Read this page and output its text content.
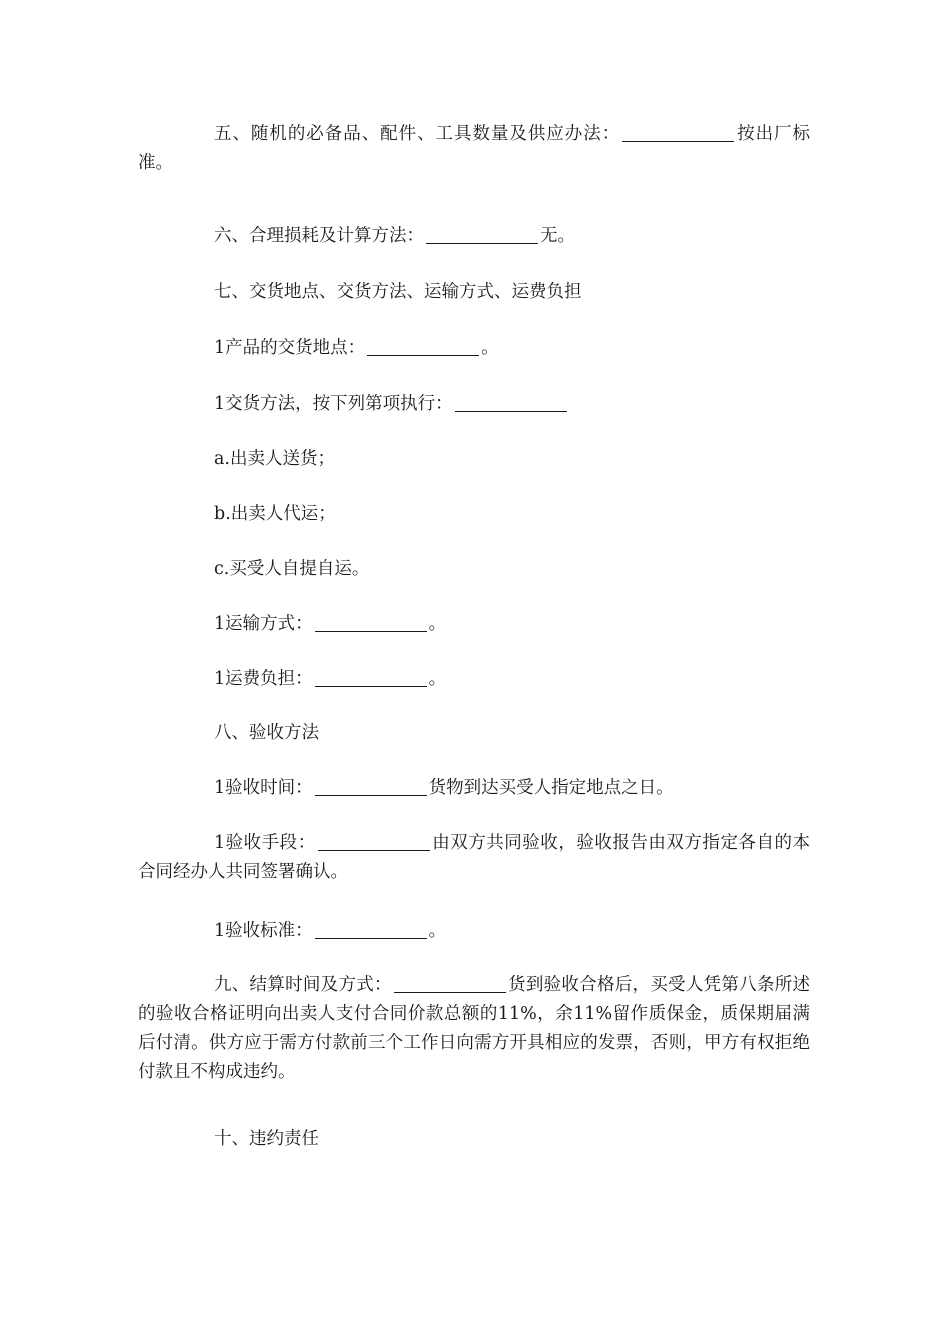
五、随机的必备品、配件、工具数量及供应办法：	按出厂标准。

六、合理损耗及计算方法：	无。

七、交货地点、交货方法、运输方式、运费负担

1产品的交货地点：	。

1交货方法，按下列第项执行：

a.出卖人送货；

b.出卖人代运；

c.买受人自提自运。

1运输方式：	。

1运费负担：	。

八、验收方法

1验收时间：	货物到达买受人指定地点之日。

1验收手段：	由双方共同验收，验收报告由双方指定各自的本合同经办人共同签署确认。

1验收标准：	。

九、结算时间及方式：	货到验收合格后，买受人凭第八条所述的验收合格证明向出卖人支付合同价款总额的11%，余11%留作质保金，质保期届满后付清。供方应于需方付款前三个工作日向需方开具相应的发票，否则，甲方有权拒绝付款且不构成违约。

十、违约责任
